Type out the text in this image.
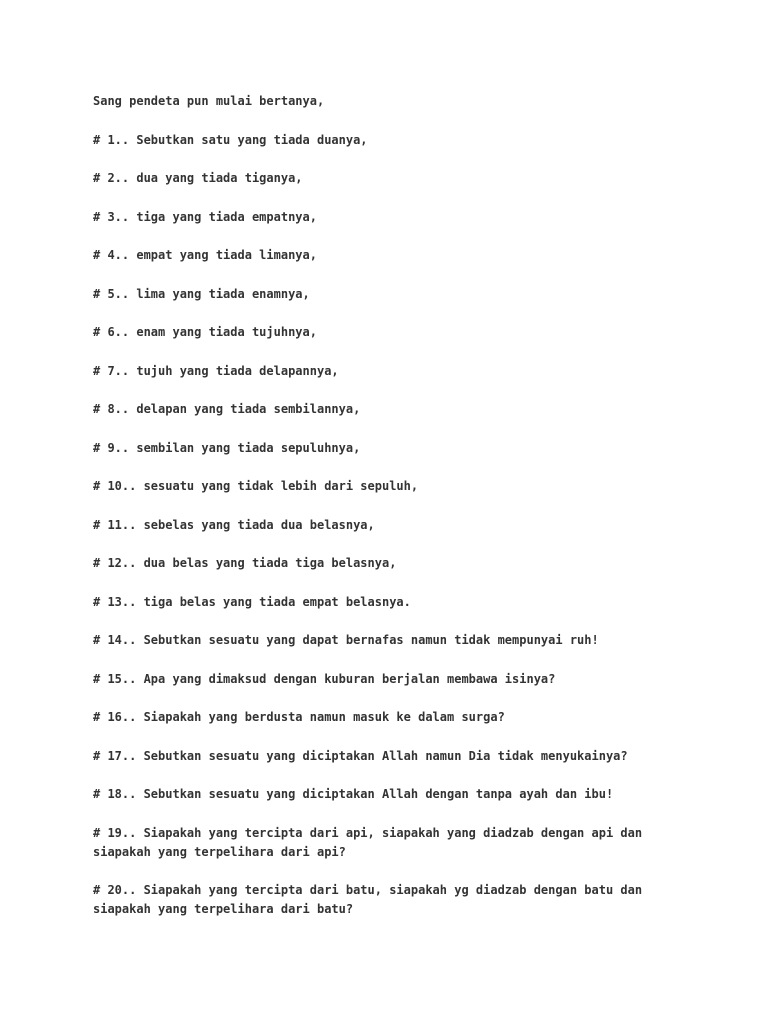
Sang pendeta pun mulai bertanya,
# 1.. Sebutkan satu yang tiada duanya,
# 2.. dua yang tiada tiganya,
# 3.. tiga yang tiada empatnya,
# 4.. empat yang tiada limanya,
# 5.. lima yang tiada enamnya,
# 6.. enam yang tiada tujuhnya,
# 7.. tujuh yang tiada delapannya,
# 8.. delapan yang tiada sembilannya,
# 9.. sembilan yang tiada sepuluhnya,
# 10.. sesuatu yang tidak lebih dari sepuluh,
# 11.. sebelas yang tiada dua belasnya,
# 12.. dua belas yang tiada tiga belasnya,
# 13.. tiga belas yang tiada empat belasnya.
# 14.. Sebutkan sesuatu yang dapat bernafas namun tidak mempunyai ruh!
# 15.. Apa yang dimaksud dengan kuburan berjalan membawa isinya?
# 16.. Siapakah yang berdusta namun masuk ke dalam surga?
# 17.. Sebutkan sesuatu yang diciptakan Allah namun Dia tidak menyukainya?
# 18.. Sebutkan sesuatu yang diciptakan Allah dengan tanpa ayah dan ibu!
# 19.. Siapakah yang tercipta dari api, siapakah yang diadzab dengan api dan siapakah yang terpelihara dari api?
# 20.. Siapakah yang tercipta dari batu, siapakah yg diadzab dengan batu dan siapakah yang terpelihara dari batu?
